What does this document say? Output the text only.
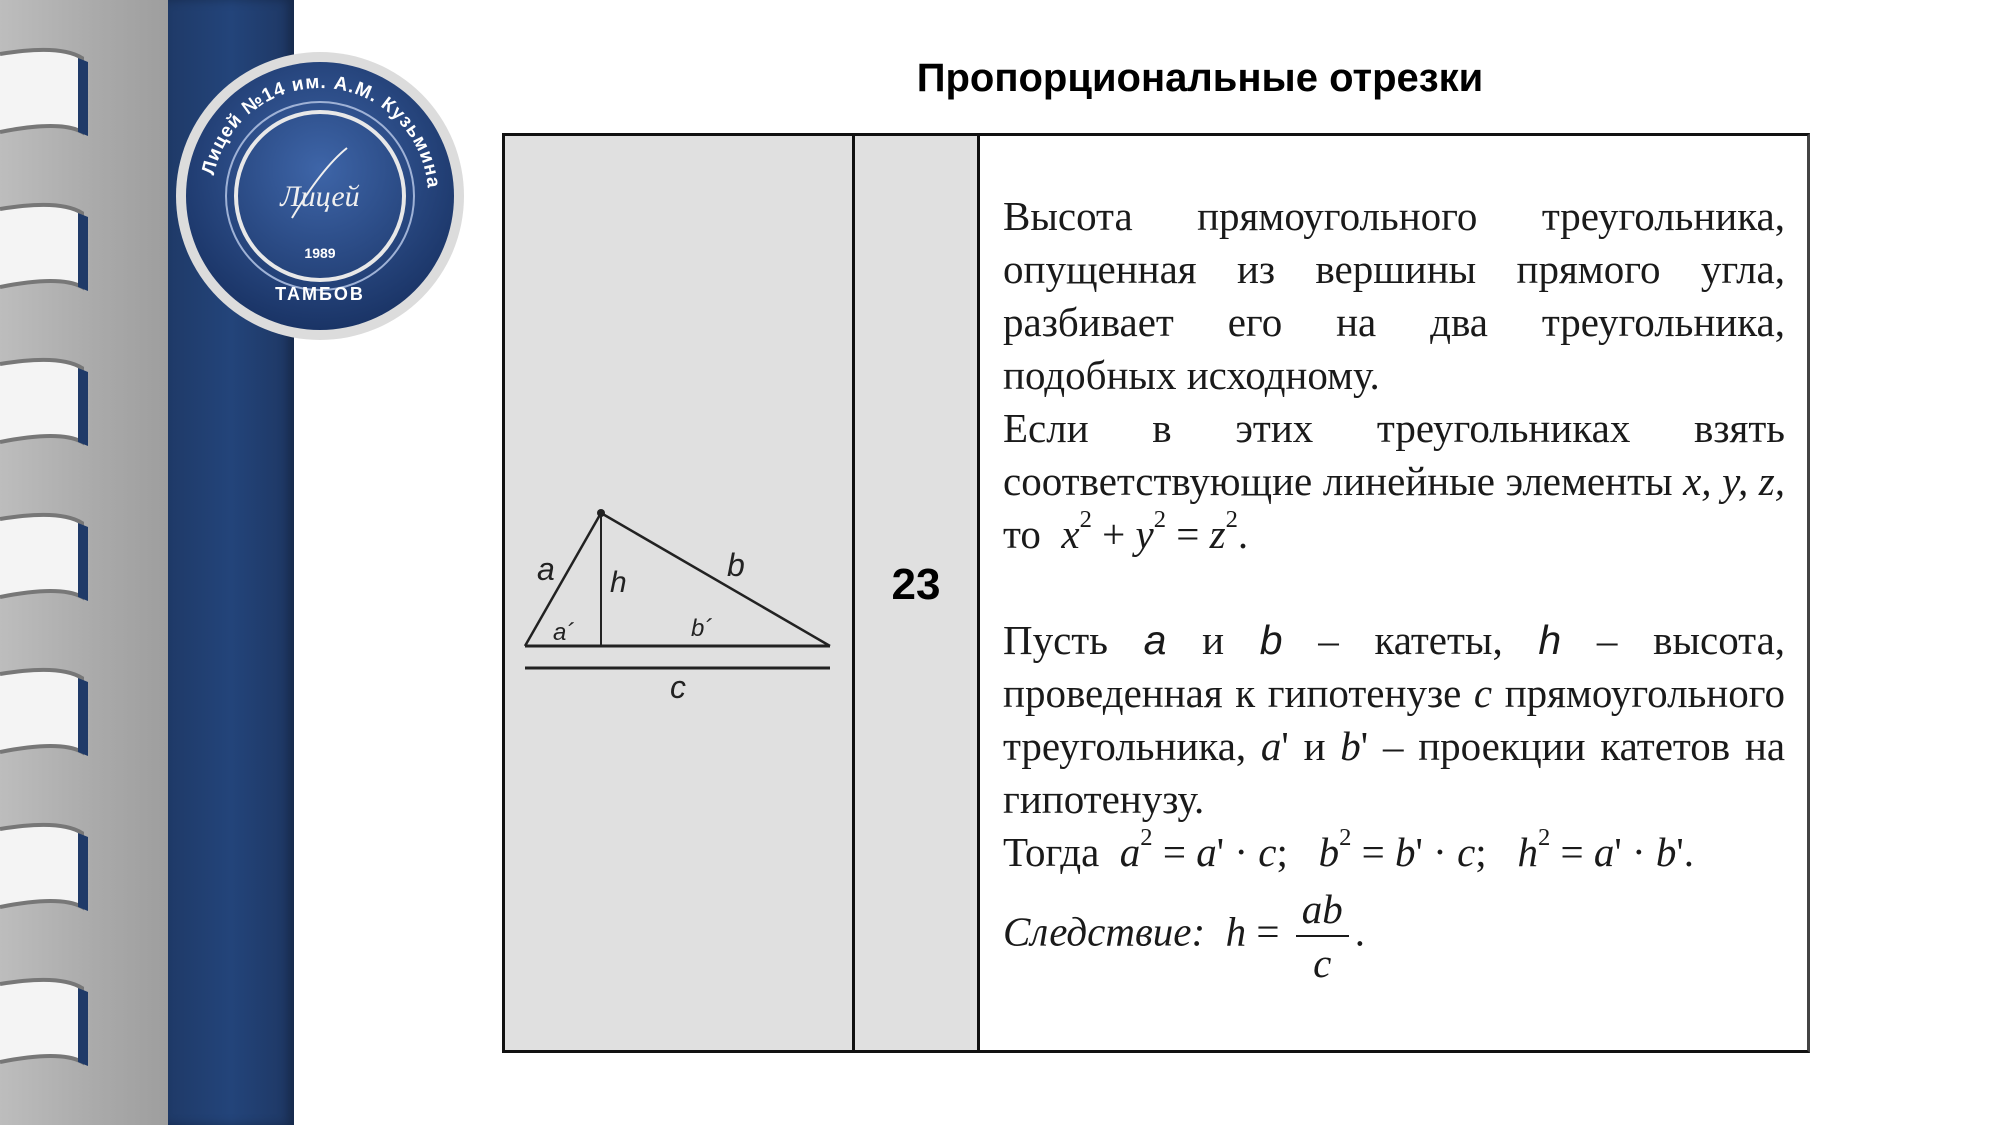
Лицей №14 им. А.М. Кузьмина
Лицей
1989
ТАМБОВ
Пропорциональные отрезки
23
a h	b
a´	b´
c

Высота прямоугольного треугольника, опущенная из вершины прямого угла, разбивает его на два треугольника, подобных исходному.

Если в этих треугольниках взять соответствующие линейные элементы x, y, z, то $x^2 + y^2 = z^2$.

Пусть a и b – катеты, h – высота, проведенная к гипотенузе c прямоугольного треугольника, a' и b' – проекции катетов на гипотенузу.

Тогда $a^2 = a' \cdot c$;   $b^2 = b' \cdot c$;   $h^2 = a' \cdot b'$.

Следствие: $h = \frac{ab}{c}$ .
